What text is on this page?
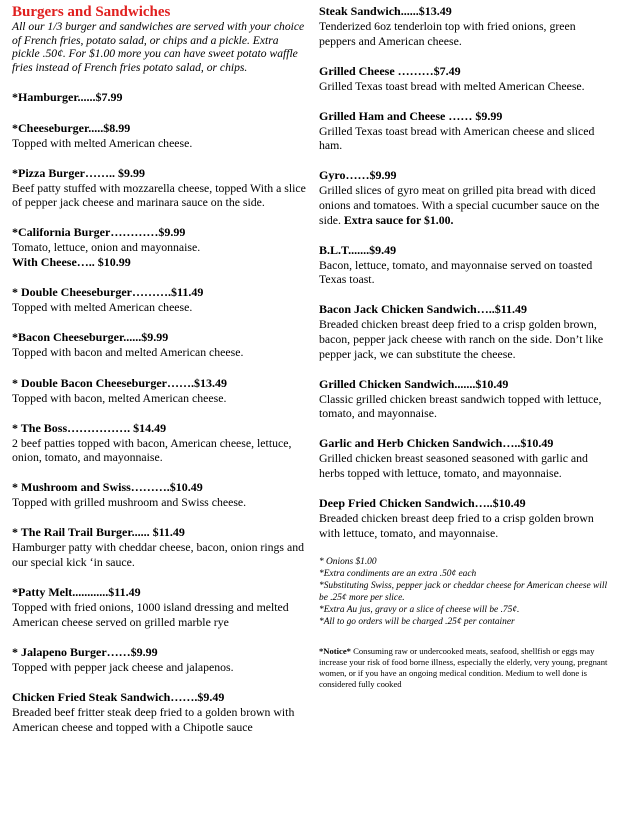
Burgers and Sandwiches

All our 1/3 burger and sandwiches are served with your choice of French fries, potato salad, or chips and a pickle. Extra pickle .50¢. For $1.00 more you can have sweet potato waffle fries instead of French fries potato salad, or chips.

*Hamburger......$7.99
*Cheeseburger.....$8.99
Topped with melted American cheese.
*Pizza Burger…….. $9.99
Beef patty stuffed with mozzarella cheese, topped With a slice of pepper jack cheese and marinara sauce on the side.
*California Burger…………$9.99
Tomato, lettuce, onion and mayonnaise.
With Cheese….. $10.99
* Double Cheeseburger……….$11.49
Topped with melted American cheese.
*Bacon Cheeseburger......$9.99
Topped with bacon and melted American cheese.
* Double Bacon Cheeseburger…….$13.49
Topped with bacon, melted American cheese.
* The Boss……………. $14.49
2 beef patties topped with bacon, American cheese, lettuce, onion, tomato, and mayonnaise.
* Mushroom and Swiss……….$10.49
Topped with grilled mushroom and Swiss cheese.
* The Rail Trail Burger...... $11.49
Hamburger patty with cheddar cheese, bacon, onion rings and our special kick ‘in sauce.
*Patty Melt............$11.49
Topped with fried onions, 1000 island dressing and melted American cheese served on grilled marble rye
* Jalapeno Burger……$9.99
Topped with pepper jack cheese and jalapenos.
Chicken Fried Steak Sandwich…….$9.49
Breaded beef fritter steak deep fried to a golden brown with American cheese and topped with a Chipotle sauce
Steak Sandwich......$13.49
Tenderized 6oz tenderloin top with fried onions, green peppers and American cheese.
Grilled Cheese ………$7.49
Grilled Texas toast bread with melted American Cheese.
Grilled Ham and Cheese …… $9.99
Grilled Texas toast bread with American cheese and sliced ham.
Gyro……$9.99
Grilled slices of gyro meat on grilled pita bread with diced onions and tomatoes. With a special cucumber sauce on the side. Extra sauce for $1.00.
B.L.T.......$9.49
Bacon, lettuce, tomato, and mayonnaise served on toasted Texas toast.
Bacon Jack Chicken Sandwich…..$11.49
Breaded chicken breast deep fried to a crisp golden brown, bacon, pepper jack cheese with ranch on the side. Don’t like pepper jack, we can substitute the cheese.
Grilled Chicken Sandwich.......$10.49
Classic grilled chicken breast sandwich topped with lettuce, tomato, and mayonnaise.
Garlic and Herb Chicken Sandwich…..$10.49
Grilled chicken breast seasoned seasoned with garlic and herbs topped with lettuce, tomato, and mayonnaise.
Deep Fried Chicken Sandwich…..$10.49
Breaded chicken breast deep fried to a crisp golden brown with lettuce, tomato, and mayonnaise.
* Onions $1.00
*Extra condiments are an extra .50¢ each
*Substituting Swiss, pepper jack or cheddar cheese for American cheese will be .25¢ more per slice.
*Extra Au jus, gravy or a slice of cheese will be .75¢.
*All to go orders will be charged .25¢ per container
*Notice* Consuming raw or undercooked meats, seafood, shellfish or eggs may increase your risk of food borne illness, especially the elderly, very young, pregnant women, or if you have an ongoing medical condition. Medium to well done is considered fully cooked
